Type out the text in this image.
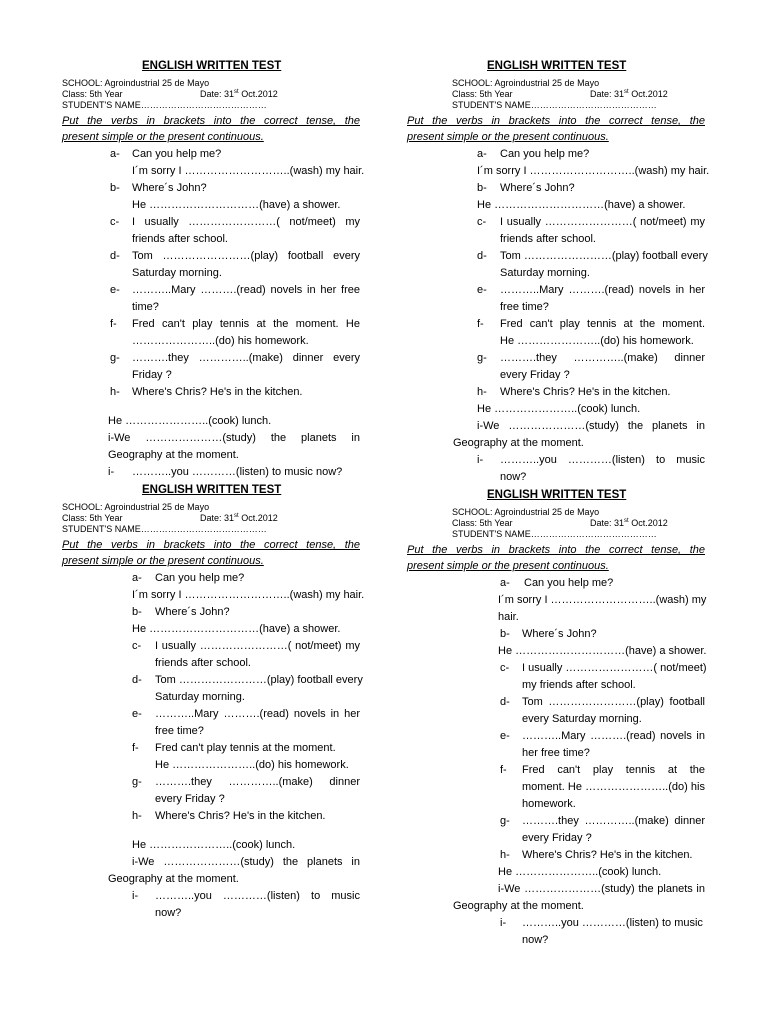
ENGLISH WRITTEN TEST
SCHOOL: Agroindustrial 25 de Mayo
Class: 5th Year	Date: 31st Oct.2012
STUDENT'S NAME……………………………………
Put the verbs in brackets into the correct tense, the
present simple or the present continuous.
a- Can you help me?
I´m sorry I ………………………..(wash) my hair.
b- Where´s John?
He …………………………(have) a shower.
c- I usually ……………………( not/meet) my
friends after school.
d- Tom ……………………(play) football every
Saturday morning.
e- ………..Mary ……….(read) novels in her free
time?
f- Fred can't play tennis at the moment. He
…………………..(do) his homework.
g- ……….they …………..(make) dinner every
Friday ?
h- Where's Chris? He's in the kitchen.
He …………………..(cook) lunch.
i-We …………………(study) the planets in
Geography at the moment.
i- ………..you …………(listen) to music now?
ENGLISH WRITTEN TEST
SCHOOL: Agroindustrial 25 de Mayo
Class: 5th Year	Date: 31st Oct.2012
STUDENT'S NAME……………………………………
Put the verbs in brackets into the correct tense, the
present simple or the present continuous.
a- Can you help me?
I´m sorry I ………………………..(wash) my hair.
b- Where´s John?
He …………………………(have) a shower.
c- I usually ……………………( not/meet) my
friends after school.
d- Tom ……………………(play) football every
Saturday morning.
e- ………..Mary ……….(read) novels in her
free time?
f- Fred can't play tennis at the moment.
He …………………..(do) his homework.
g- ……….they …………..(make) dinner
every Friday ?
h- Where's Chris? He's in the kitchen.
He …………………..(cook) lunch.
i-We …………………(study) the planets in
Geography at the moment.
i- ………..you …………(listen) to music
now?
ENGLISH WRITTEN TEST
SCHOOL: Agroindustrial 25 de Mayo
Class: 5th Year	Date: 31st Oct.2012
STUDENT'S NAME……………………………………
Put the verbs in brackets into the correct tense, the
present simple or the present continuous.
a- Can you help me?
I´m sorry I ………………………..(wash) my hair.
b- Where´s John?
He …………………………(have) a shower.
c- I usually ……………………( not/meet) my
friends after school.
d- Tom ……………………(play) football every
Saturday morning.
e- ………..Mary ……….(read) novels in her
free time?
f- Fred can't play tennis at the moment.
He …………………..(do) his homework.
g- ……….they …………..(make) dinner
every Friday ?
h- Where's Chris? He's in the kitchen.
He …………………..(cook) lunch.
i-We …………………(study) the planets in
Geography at the moment.
i- ………..you …………(listen) to music
now?
ENGLISH WRITTEN TEST
SCHOOL: Agroindustrial 25 de Mayo
Class: 5th Year	Date: 31st Oct.2012
STUDENT'S NAME……………………………………
Put the verbs in brackets into the correct tense, the
present simple or the present continuous.
a- Can you help me?
I´m sorry I ………………………..(wash) my
hair.
b- Where´s John?
He …………………………(have) a shower.
c- I usually ……………………( not/meet)
my friends after school.
d- Tom ……………………(play) football
every Saturday morning.
e- ………..Mary ……….(read) novels in
her free time?
f- Fred can't play tennis at the
moment. He …………………..(do) his
homework.
g- ……….they …………..(make) dinner
every Friday ?
h- Where's Chris? He's in the kitchen.
He …………………..(cook) lunch.
i-We …………………(study) the planets in
Geography at the moment.
i- ………..you …………(listen) to music
now?
